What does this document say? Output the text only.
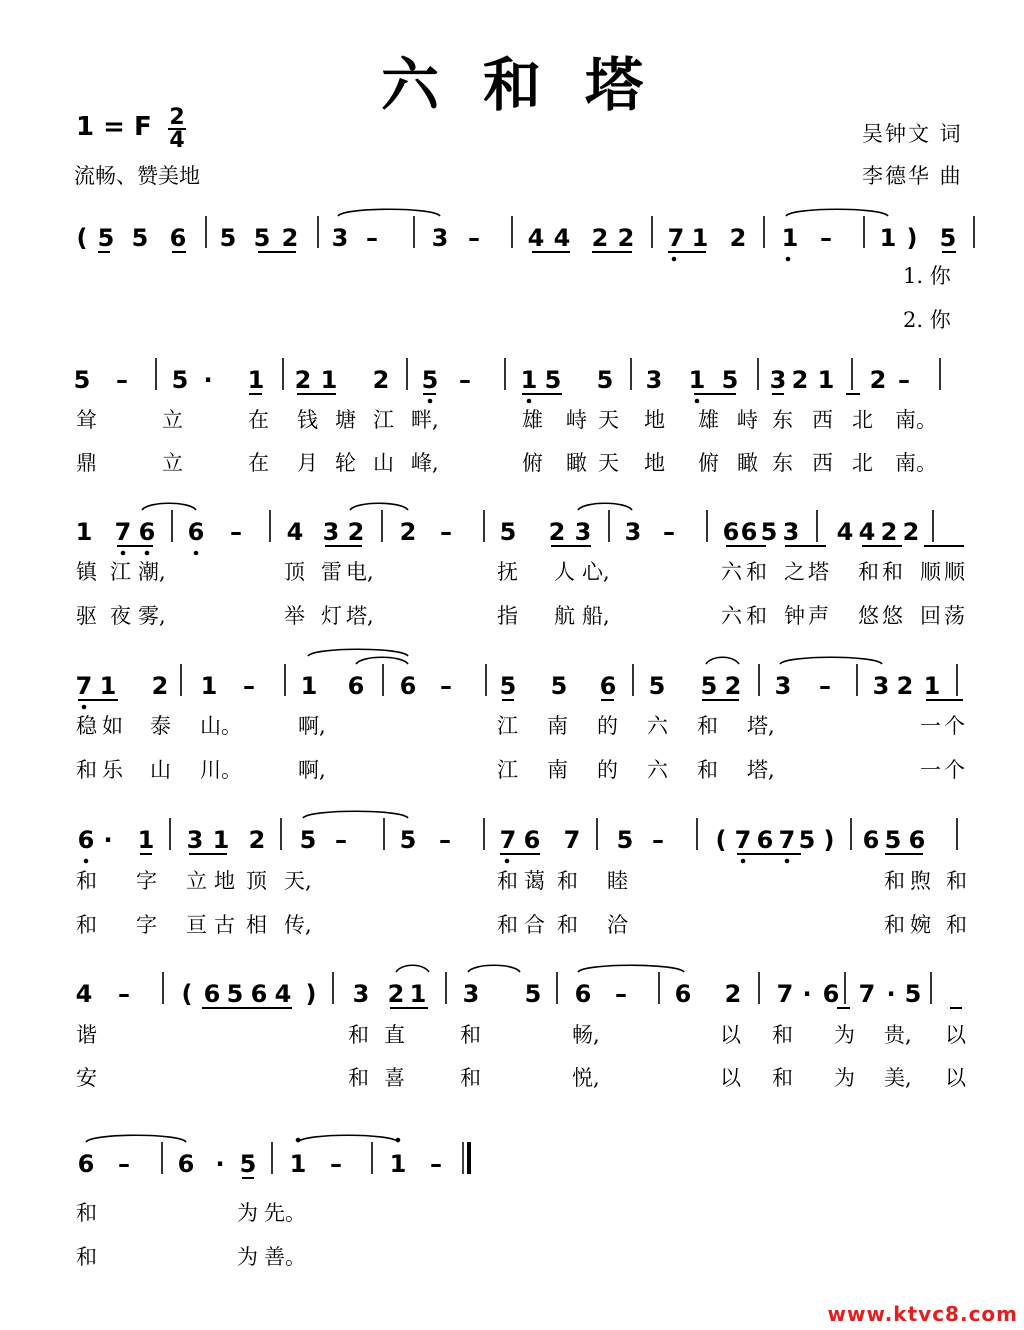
六和塔
1 = F 2
4
流畅、赞美地
吴钟文 词
李德华 曲
( 5 5 6 5 5 2 3 – 3 – 4 4 2 2 7 1 2 1 – 1 ) 5
1. 你
2. 你
5 – 5 · 1 2 1 2 5 – 1 5 5 3 1 5 3 2 1 2 –
耸	立	在 钱 塘 江 畔,	雄 峙 天 地 雄 峙 东 西 北 南。
鼎	立	在 月 轮 山 峰,	俯 瞰 天 地 俯 瞰 东 西 北 南。
1 7 6 6 – 4 3 2 2 – 5 2 3 3 – 6 6 5 3 4 4 2 2
镇 江 潮,	顶 雷 电,	抚 人 心,	六 和 之 塔 和 和 顺 顺
驱 夜 雾,	举 灯 塔,	指 航 船,	六 和 钟 声 悠 悠 回 荡
7 1 2 1 – 1 6 6 – 5 5 6 5 5 2 3 – 3 2 1
稳 如 泰 山。	啊,	江 南 的 六 和 塔,	一 个
和 乐 山 川。	啊,	江 南 的 六 和 塔,	一 个
6 · 1 3 1 2 5 – 5 – 7 6 7 5 – ( 7 6 7 5 ) 6 5 6
和 字 立 地 顶 天,	和 蔼 和 睦	和 煦 和
和 字 亘 古 相 传,	和 合 和 洽	和 婉 和
4 – ( 6 5 6 4 ) 3 2 1 3 5 6 – 6 2 7 · 6 7 · 5
谐	和 直	和	畅,	以 和 为 贵, 以
安	和 喜	和	悦,	以 和 为 美, 以
6 – 6 · 5 1 – 1 –
和	为 先。
和	为 善。
www.ktvc8.com
